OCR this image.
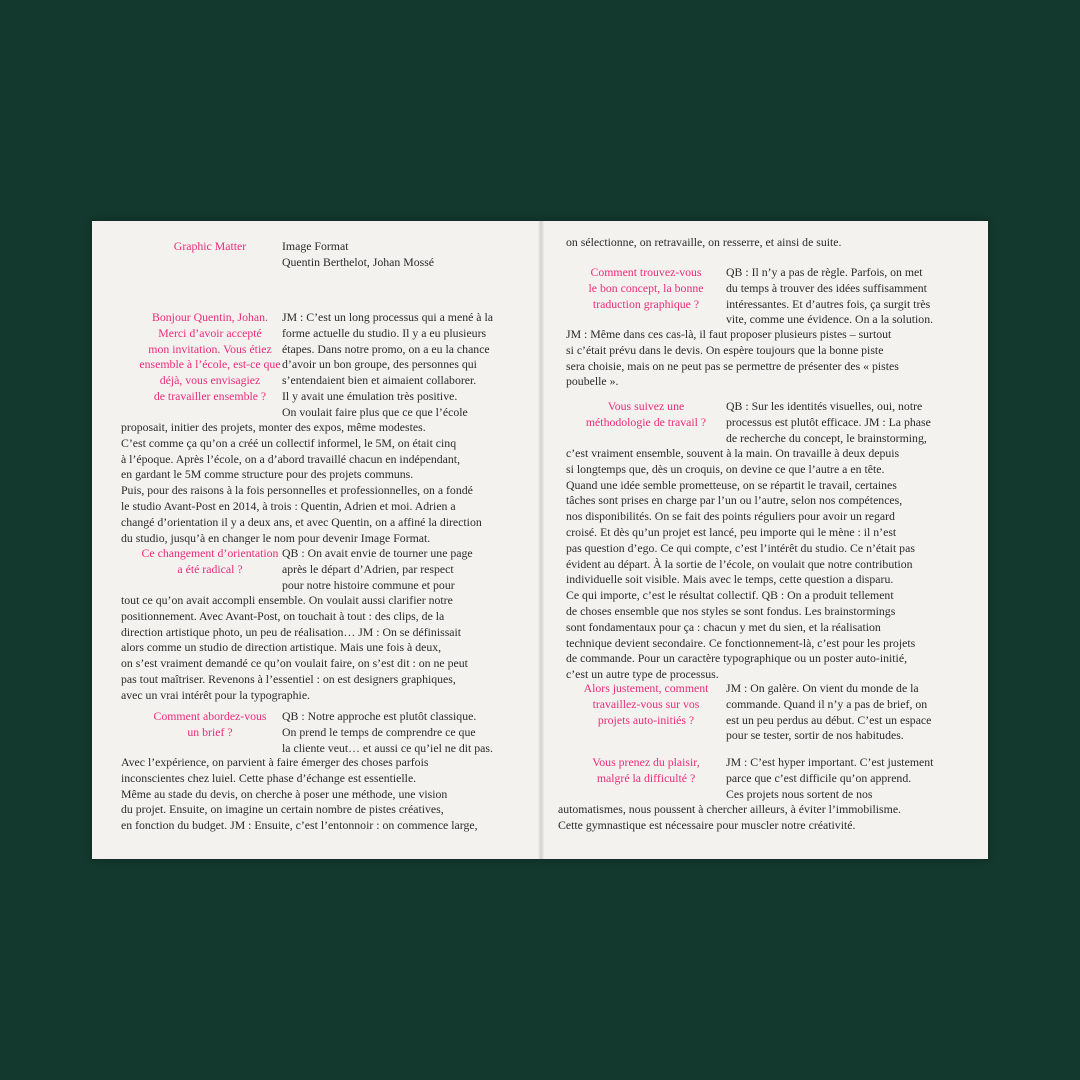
Graphic Matter	Image Format
Quentin Berthelot, Johan Mossé
Bonjour Quentin, Johan.
Merci d’avoir accepté
mon invitation. Vous étiez
ensemble à l’école, est-ce que
déjà, vous envisagiez
de travailler ensemble ?
JM : C’est un long processus qui a mené à la
forme actuelle du studio. Il y a eu plusieurs
étapes. Dans notre promo, on a eu la chance
d’avoir un bon groupe, des personnes qui
s’entendaient bien et aimaient collaborer.
Il y avait une émulation très positive.
On voulait faire plus que ce que l’école
proposait, initier des projets, monter des expos, même modestes.
C’est comme ça qu’on a créé un collectif informel, le 5M, on était cinq
à l’époque. Après l’école, on a d’abord travaillé chacun en indépendant,
en gardant le 5M comme structure pour des projets communs.
Puis, pour des raisons à la fois personnelles et professionnelles, on a fondé
le studio Avant-Post en 2014, à trois : Quentin, Adrien et moi. Adrien a
changé d’orientation il y a deux ans, et avec Quentin, on a affiné la direction
du studio, jusqu’à en changer le nom pour devenir Image Format.
Ce changement d’orientation
a été radical ?
QB : On avait envie de tourner une page
après le départ d’Adrien, par respect
pour notre histoire commune et pour
tout ce qu’on avait accompli ensemble. On voulait aussi clarifier notre
positionnement. Avec Avant-Post, on touchait à tout : des clips, de la
direction artistique photo, un peu de réalisation… JM : On se définissait
alors comme un studio de direction artistique. Mais une fois à deux,
on s’est vraiment demandé ce qu’on voulait faire, on s’est dit : on ne peut
pas tout maîtriser. Revenons à l’essentiel : on est designers graphiques,
avec un vrai intérêt pour la typographie.
Comment abordez-vous
un brief ?
QB : Notre approche est plutôt classique.
On prend le temps de comprendre ce que
la cliente veut… et aussi ce qu’iel ne dit pas.
Avec l’expérience, on parvient à faire émerger des choses parfois
inconscientes chez luiel. Cette phase d’échange est essentielle.
Même au stade du devis, on cherche à poser une méthode, une vision
du projet. Ensuite, on imagine un certain nombre de pistes créatives,
en fonction du budget. JM : Ensuite, c’est l’entonnoir : on commence large,
on sélectionne, on retravaille, on resserre, et ainsi de suite.
Comment trouvez-vous
le bon concept, la bonne
traduction graphique ?
QB : Il n’y a pas de règle. Parfois, on met
du temps à trouver des idées suffisamment
intéressantes. Et d’autres fois, ça surgit très
vite, comme une évidence. On a la solution.
JM : Même dans ces cas-là, il faut proposer plusieurs pistes – surtout
si c’était prévu dans le devis. On espère toujours que la bonne piste
sera choisie, mais on ne peut pas se permettre de présenter des « pistes
poubelle ».
Vous suivez une
méthodologie de travail ?
QB : Sur les identités visuelles, oui, notre
processus est plutôt efficace. JM : La phase
de recherche du concept, le brainstorming,
c’est vraiment ensemble, souvent à la main. On travaille à deux depuis
si longtemps que, dès un croquis, on devine ce que l’autre a en tête.
Quand une idée semble prometteuse, on se répartit le travail, certaines
tâches sont prises en charge par l’un ou l’autre, selon nos compétences,
nos disponibilités. On se fait des points réguliers pour avoir un regard
croisé. Et dès qu’un projet est lancé, peu importe qui le mène : il n’est
pas question d’ego. Ce qui compte, c’est l’intérêt du studio. Ce n’était pas
évident au départ. À la sortie de l’école, on voulait que notre contribution
individuelle soit visible. Mais avec le temps, cette question a disparu.
Ce qui importe, c’est le résultat collectif. QB : On a produit tellement
de choses ensemble que nos styles se sont fondus. Les brainstormings
sont fondamentaux pour ça : chacun y met du sien, et la réalisation
technique devient secondaire. Ce fonctionnement-là, c’est pour les projets
de commande. Pour un caractère typographique ou un poster auto-initié,
c’est un autre type de processus.
Alors justement, comment
travaillez-vous sur vos
projets auto-initiés ?
JM : On galère. On vient du monde de la
commande. Quand il n’y a pas de brief, on
est un peu perdus au début. C’est un espace
pour se tester, sortir de nos habitudes.
Vous prenez du plaisir,
malgré la difficulté ?
JM : C’est hyper important. C’est justement
parce que c’est difficile qu’on apprend.
Ces projets nous sortent de nos
automatismes, nous poussent à chercher ailleurs, à éviter l’immobilisme.
Cette gymnastique est nécessaire pour muscler notre créativité.
